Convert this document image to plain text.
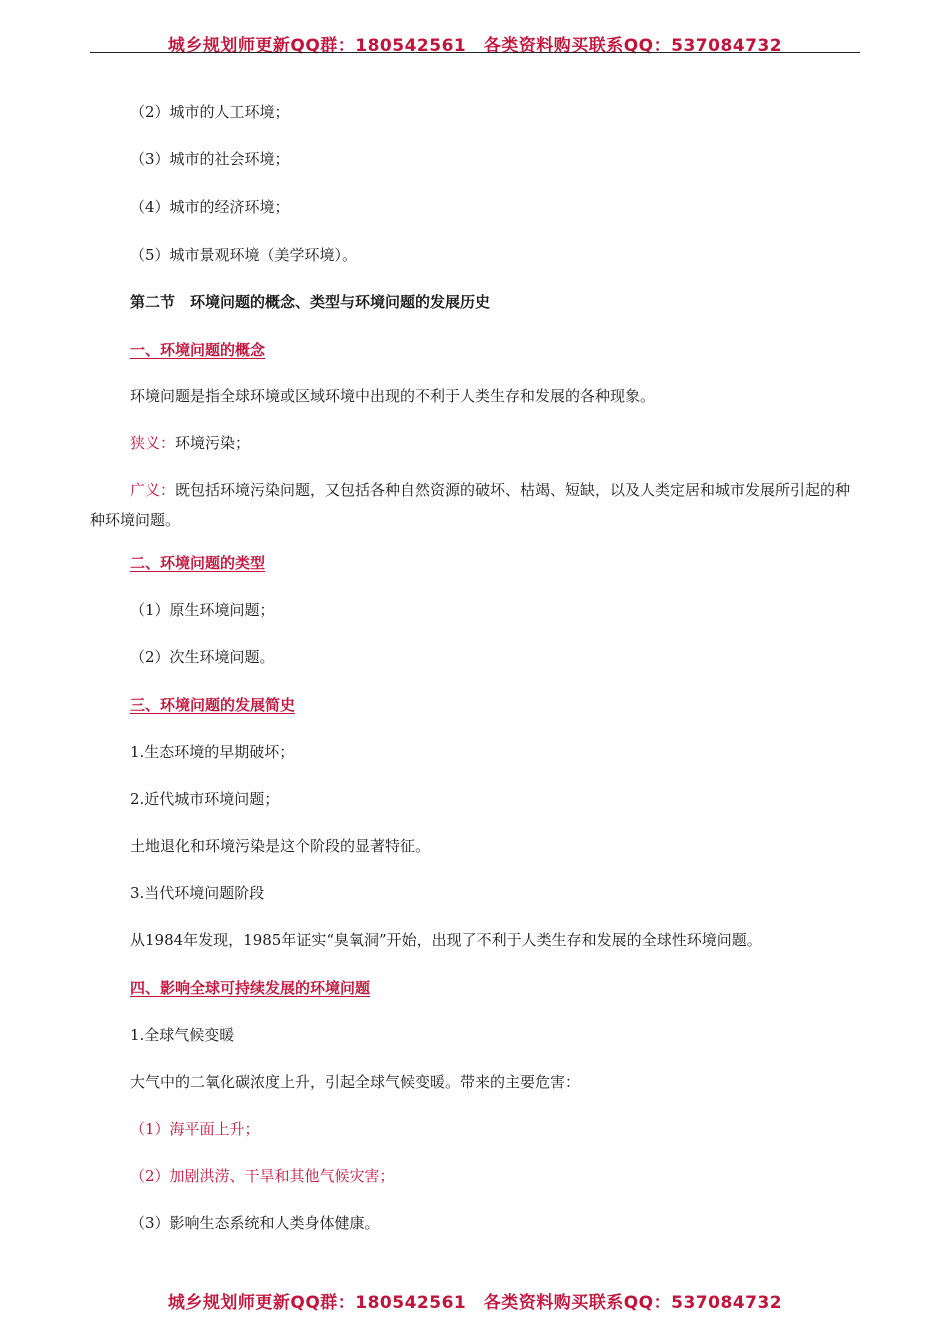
城乡规划师更新QQ群：180542561　各类资料购买联系QQ：537084732
（2）城市的人工环境；
（3）城市的社会环境；
（4）城市的经济环境；
（5）城市景观环境（美学环境）。
第二节　环境问题的概念、类型与环境问题的发展历史
一、环境问题的概念
环境问题是指全球环境或区域环境中出现的不利于人类生存和发展的各种现象。
狭义：环境污染；
广义：既包括环境污染问题，又包括各种自然资源的破坏、枯竭、短缺，以及人类定居和城市发展所引起的种种环境问题。
二、环境问题的类型
（1）原生环境问题；
（2）次生环境问题。
三、环境问题的发展简史
1.生态环境的早期破坏；
2.近代城市环境问题；
土地退化和环境污染是这个阶段的显著特征。
3.当代环境问题阶段
从1984年发现，1985年证实“臭氧洞”开始，出现了不利于人类生存和发展的全球性环境问题。
四、影响全球可持续发展的环境问题
1.全球气候变暖
大气中的二氧化碳浓度上升，引起全球气候变暖。带来的主要危害：
（1）海平面上升；
（2）加剧洪涝、干旱和其他气候灾害；
（3）影响生态系统和人类身体健康。
城乡规划师更新QQ群：180542561　各类资料购买联系QQ：537084732
